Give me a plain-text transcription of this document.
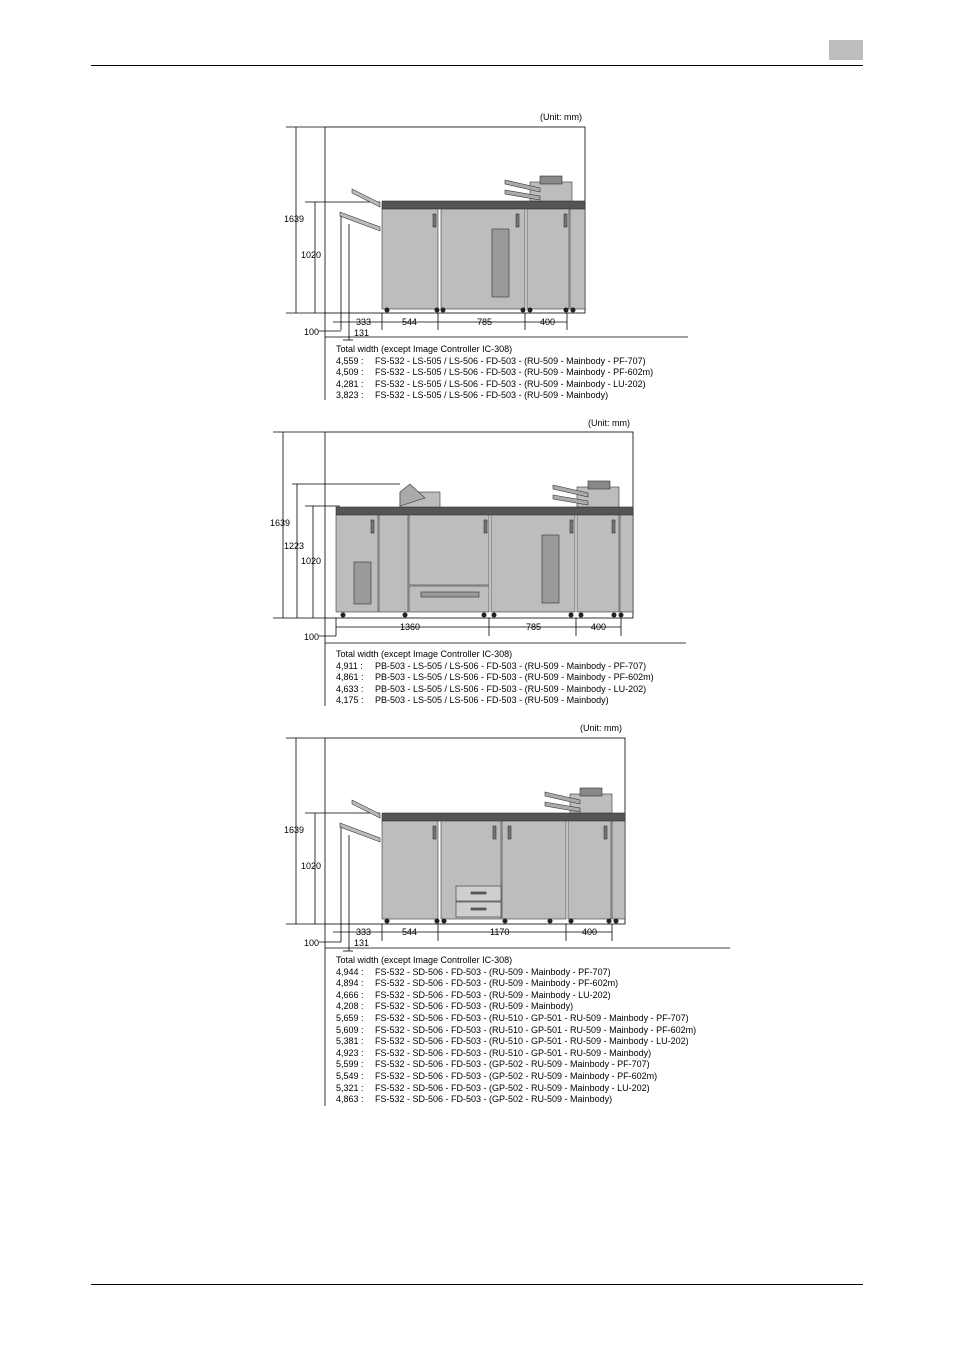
(Unit: mm)
1639
1020
333	544	785	400
100	131
Total width (except Image Controller IC-308)
4,559 : FS-532 - LS-505 / LS-506 - FD-503 - (RU-509 - Mainbody - PF-707)
4,509 : FS-532 - LS-505 / LS-506 - FD-503 - (RU-509 - Mainbody - PF-602m)
4,281 : FS-532 - LS-505 / LS-506 - FD-503 - (RU-509 - Mainbody - LU-202)
3,823 : FS-532 - LS-505 / LS-506 - FD-503 - (RU-509 - Mainbody)
(Unit: mm)
1639
1223
1020
1360	785	400
100
Total width (except Image Controller IC-308)
4,911 : PB-503 - LS-505 / LS-506 - FD-503 - (RU-509 - Mainbody - PF-707)
4,861 : PB-503 - LS-505 / LS-506 - FD-503 - (RU-509 - Mainbody - PF-602m)
4,633 : PB-503 - LS-505 / LS-506 - FD-503 - (RU-509 - Mainbody - LU-202)
4,175 : PB-503 - LS-505 / LS-506 - FD-503 - (RU-509 - Mainbody)
(Unit: mm)
1639
1020
333	544	1170	400
100	131
Total width (except Image Controller IC-308)
4,944 : FS-532 - SD-506 - FD-503 - (RU-509 - Mainbody - PF-707)
4,894 : FS-532 - SD-506 - FD-503 - (RU-509 - Mainbody - PF-602m)
4,666 : FS-532 - SD-506 - FD-503 - (RU-509 - Mainbody - LU-202)
4,208 : FS-532 - SD-506 - FD-503 - (RU-509 - Mainbody)
5,659 : FS-532 - SD-506 - FD-503 - (RU-510 - GP-501 - RU-509 - Mainbody - PF-707)
5,609 : FS-532 - SD-506 - FD-503 - (RU-510 - GP-501 - RU-509 - Mainbody - PF-602m)
5,381 : FS-532 - SD-506 - FD-503 - (RU-510 - GP-501 - RU-509 - Mainbody - LU-202)
4,923 : FS-532 - SD-506 - FD-503 - (RU-510 - GP-501 - RU-509 - Mainbody)
5,599 : FS-532 - SD-506 - FD-503 - (GP-502 - RU-509 - Mainbody - PF-707)
5,549 : FS-532 - SD-506 - FD-503 - (GP-502 - RU-509 - Mainbody - PF-602m)
5,321 : FS-532 - SD-506 - FD-503 - (GP-502 - RU-509 - Mainbody - LU-202)
4,863 : FS-532 - SD-506 - FD-503 - (GP-502 - RU-509 - Mainbody)
